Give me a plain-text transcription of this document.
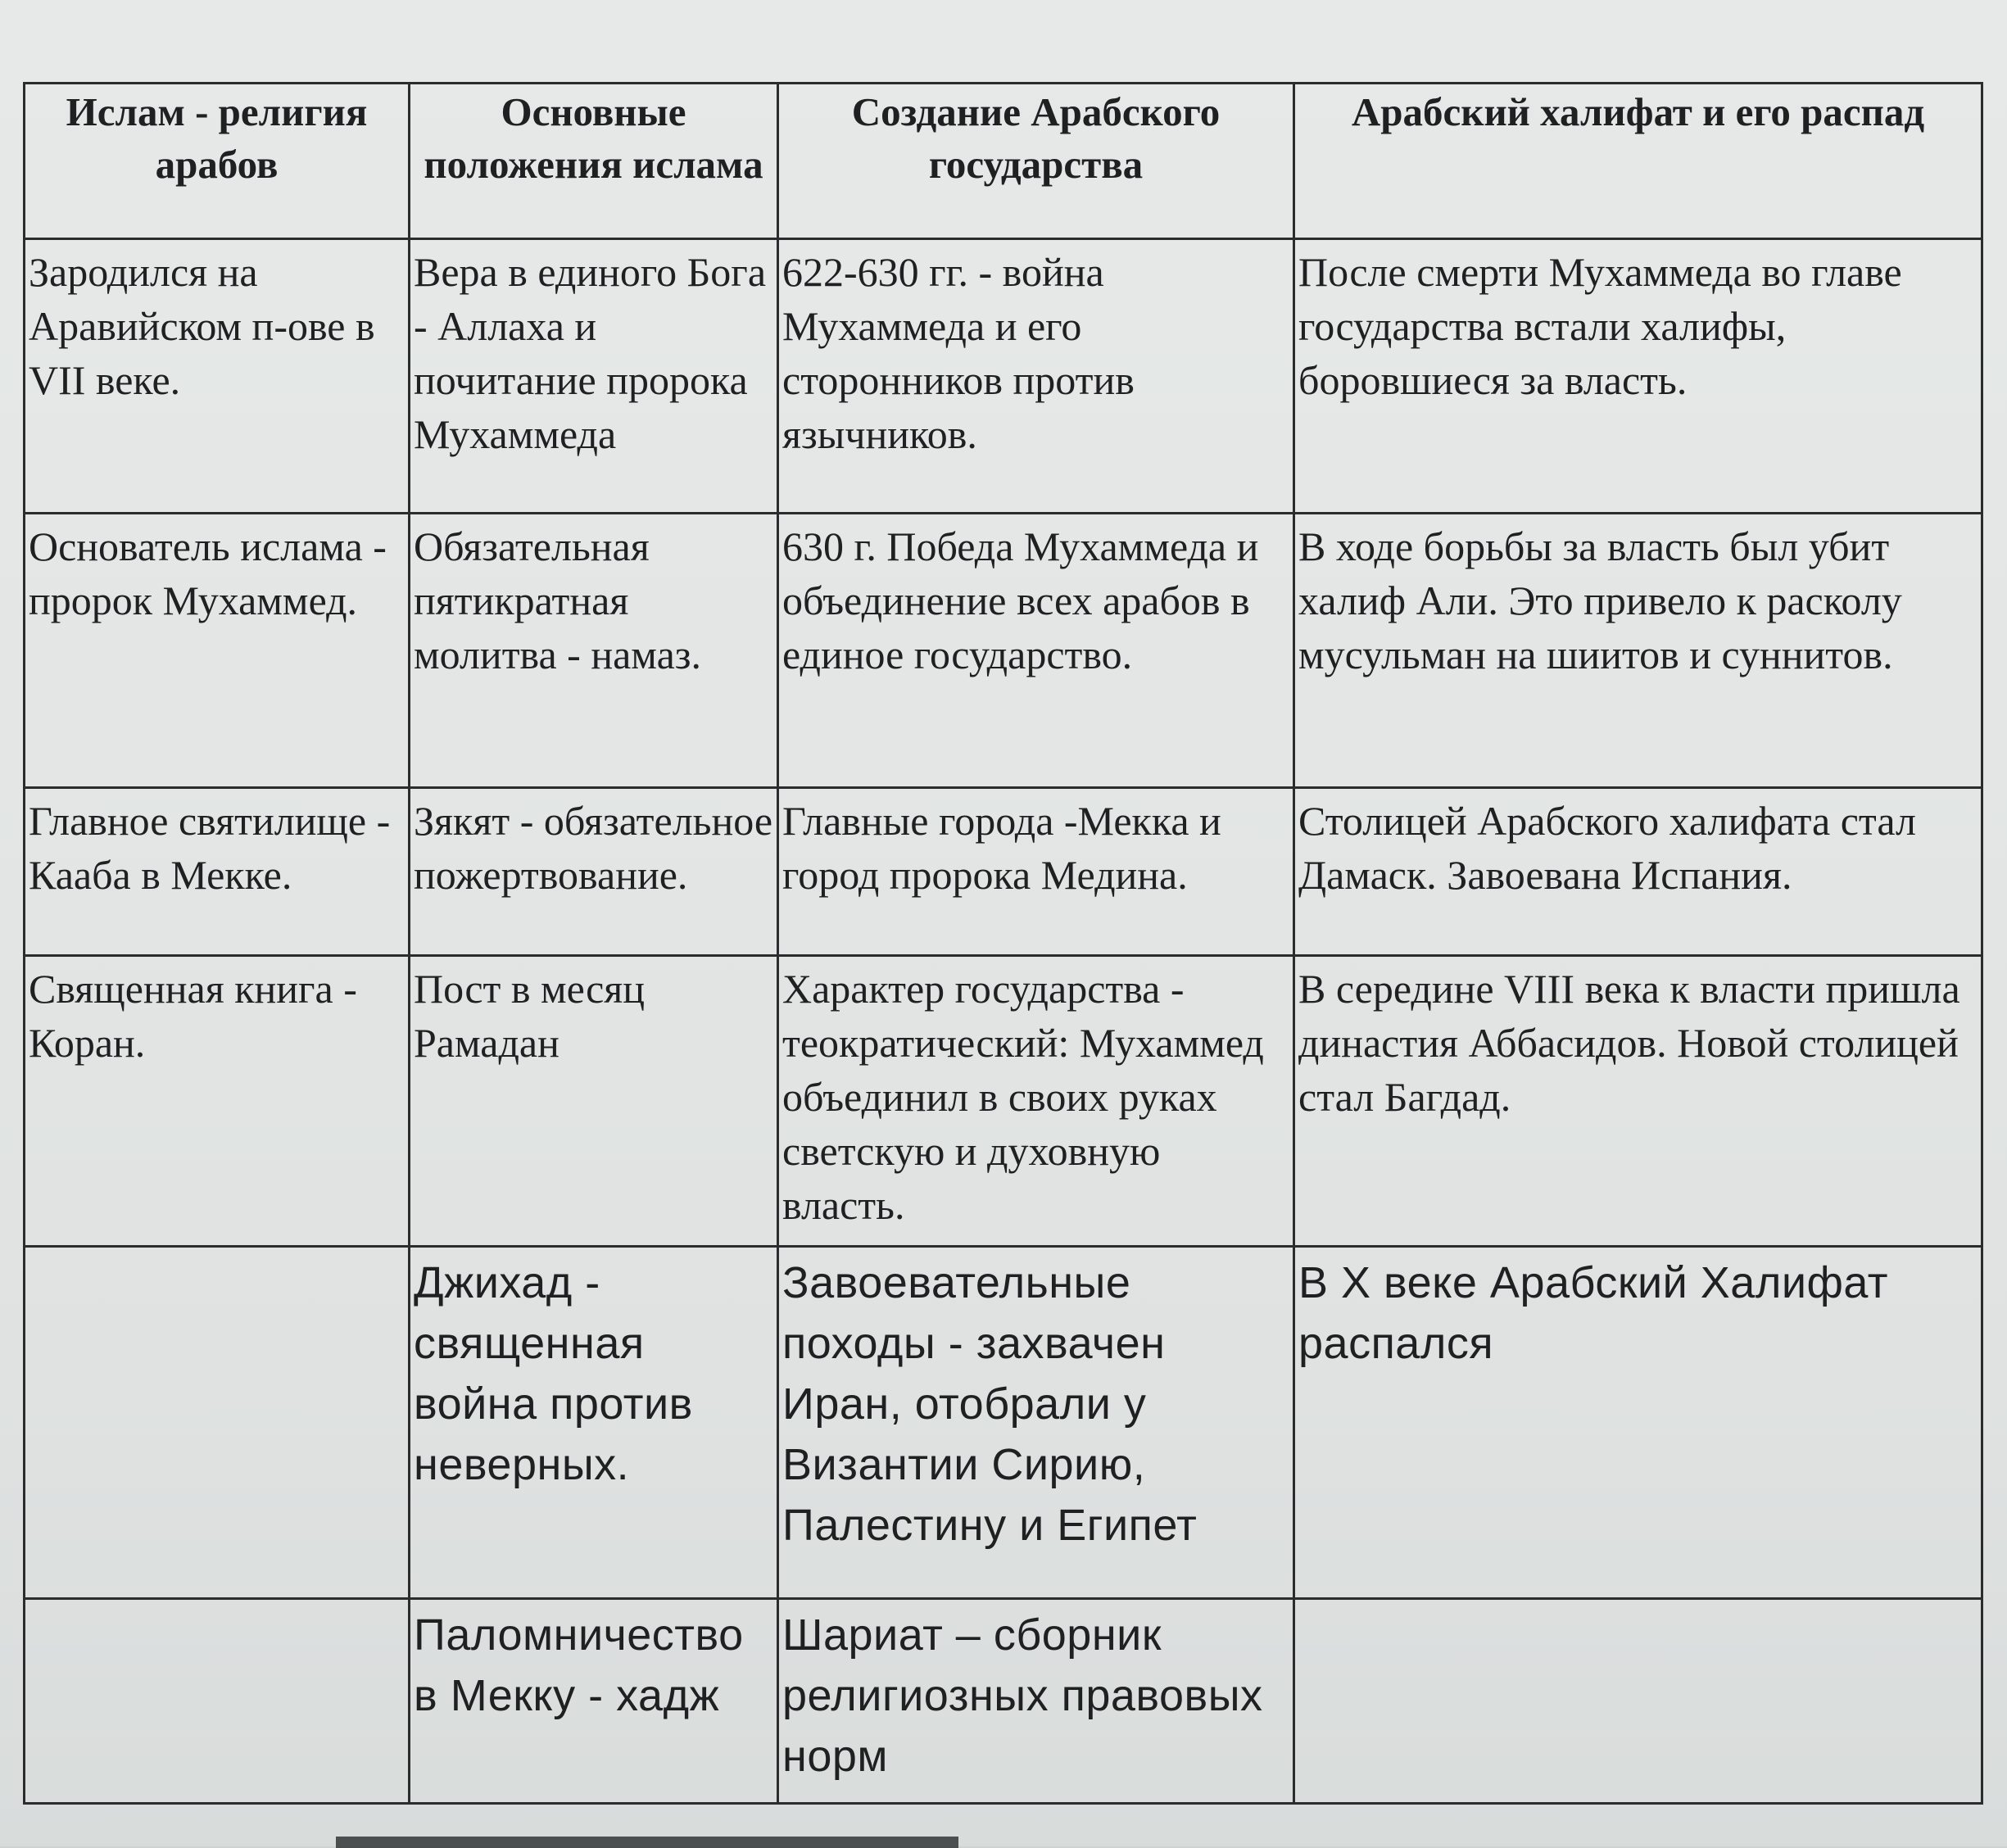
Ислам - религия арабов	Основные положения ислама	Создание Арабского государства	Арабский халифат и его распад
Зародился на Аравийском п-ове в VII веке.	Вера в единого Бога - Аллаха и почитание пророка Мухаммеда	622-630 гг. - война Мухаммеда и его сторонников против язычников.	После смерти Мухаммеда во главе государства встали халифы, боровшиеся за власть.
Основатель ислама - пророк Мухаммед.	Обязательная пятикратная молитва - намаз.	630 г. Победа Мухаммеда и объединение всех арабов в единое государство.	В ходе борьбы за власть был убит халиф Али. Это привело к расколу мусульман на шиитов и суннитов.
Главное святилище - Кааба в Мекке.	Зякят - обязательное пожертвование.	Главные города -Мекка и город пророка Медина.	Столицей Арабского халифата стал Дамаск. Завоевана Испания.
Священная книга - Коран.	Пост в месяц Рамадан	Характер государства - теократический: Мухаммед объединил в своих руках светскую и духовную власть.	В середине VIII века к власти пришла династия Аббасидов. Новой столицей стал Багдад.
	Джихад - священная война против неверных.	Завоевательные походы - захвачен Иран, отобрали у Византии Сирию, Палестину и Египет	В X веке Арабский Халифат распался
	Паломничество в Мекку - хадж	Шариат – сборник религиозных правовых норм	
